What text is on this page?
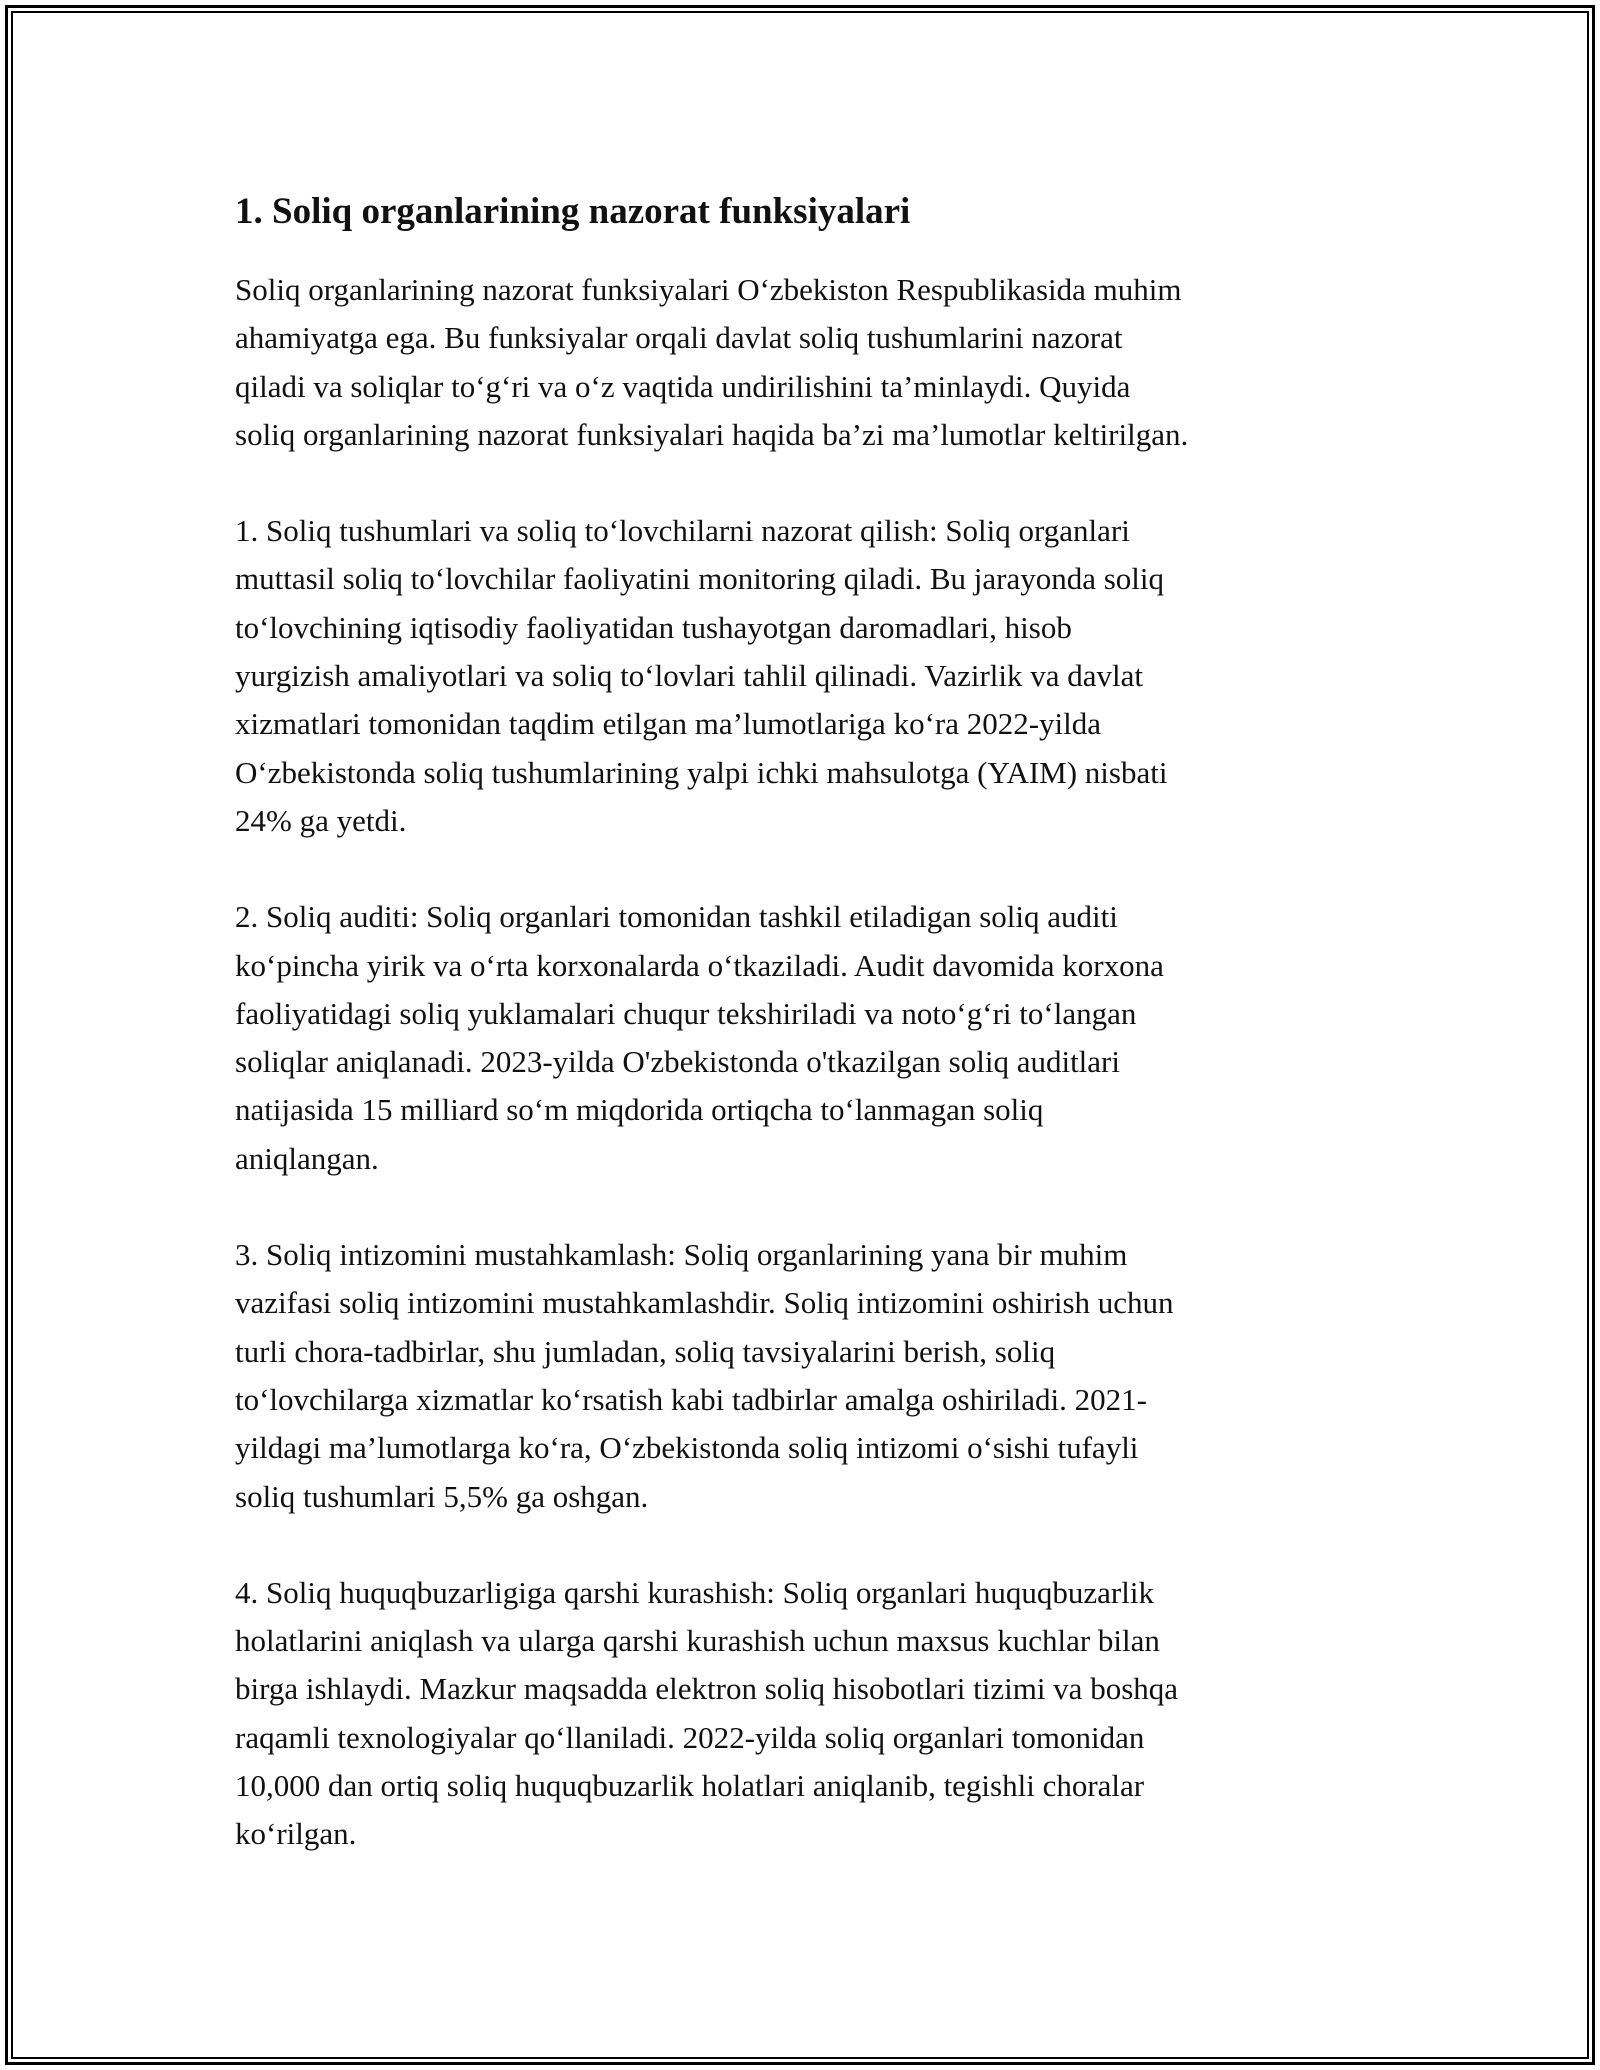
1. Soliq organlarining nazorat funksiyalari

Soliq organlarining nazorat funksiyalari O‘zbekiston Respublikasida muhim
ahamiyatga ega. Bu funksiyalar orqali davlat soliq tushumlarini nazorat
qiladi va soliqlar to‘g‘ri va o‘z vaqtida undirilishini ta’minlaydi. Quyida
soliq organlarining nazorat funksiyalari haqida ba’zi ma’lumotlar keltirilgan.

1. Soliq tushumlari va soliq to‘lovchilarni nazorat qilish: Soliq organlari
muttasil soliq to‘lovchilar faoliyatini monitoring qiladi. Bu jarayonda soliq
to‘lovchining iqtisodiy faoliyatidan tushayotgan daromadlari, hisob
yurgizish amaliyotlari va soliq to‘lovlari tahlil qilinadi. Vazirlik va davlat
xizmatlari tomonidan taqdim etilgan ma’lumotlariga ko‘ra 2022-yilda
O‘zbekistonda soliq tushumlarining yalpi ichki mahsulotga (YAIM) nisbati
24% ga yetdi.

2. Soliq auditi: Soliq organlari tomonidan tashkil etiladigan soliq auditi
ko‘pincha yirik va o‘rta korxonalarda o‘tkaziladi. Audit davomida korxona
faoliyatidagi soliq yuklamalari chuqur tekshiriladi va noto‘g‘ri to‘langan
soliqlar aniqlanadi. 2023-yilda O'zbekistonda o'tkazilgan soliq auditlari
natijasida 15 milliard so‘m miqdorida ortiqcha to‘lanmagan soliq
aniqlangan.

3. Soliq intizomini mustahkamlash: Soliq organlarining yana bir muhim
vazifasi soliq intizomini mustahkamlashdir. Soliq intizomini oshirish uchun
turli chora-tadbirlar, shu jumladan, soliq tavsiyalarini berish, soliq
to‘lovchilarga xizmatlar ko‘rsatish kabi tadbirlar amalga oshiriladi. 2021-
yildagi ma’lumotlarga ko‘ra, O‘zbekistonda soliq intizomi o‘sishi tufayli
soliq tushumlari 5,5% ga oshgan.

4. Soliq huquqbuzarligiga qarshi kurashish: Soliq organlari huquqbuzarlik
holatlarini aniqlash va ularga qarshi kurashish uchun maxsus kuchlar bilan
birga ishlaydi. Mazkur maqsadda elektron soliq hisobotlari tizimi va boshqa
raqamli texnologiyalar qo‘llaniladi. 2022-yilda soliq organlari tomonidan
10,000 dan ortiq soliq huquqbuzarlik holatlari aniqlanib, tegishli choralar
ko‘rilgan.
